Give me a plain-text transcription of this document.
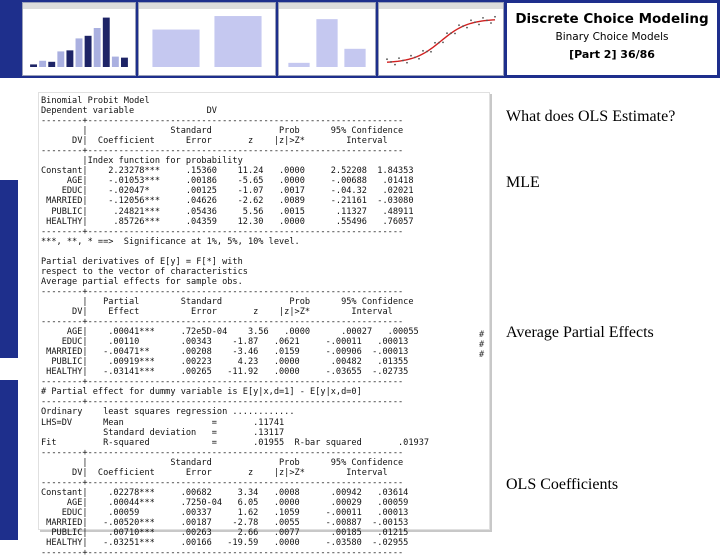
Discrete Choice Modeling
Binary Choice Models
[Part 2] 36/86
Binomial Probit Model
Dependent variable              DV
--------+-------------------------------------------------------------
|                Standard             Prob      95% Confidence
DV|  Coefficient      Error       z    |z|>Z*        Interval
--------+-------------------------------------------------------------
|Index function for probability
Constant|    2.23278***     .15360    11.24   .0000     2.52208  1.84353
AGE|    -.01053***     .00186    -5.65   .0000     -.00688   .01418
EDUC|    -.02047*       .00125    -1.07   .0017     -.04.32   .02021
MARRIED|    -.12056***     .04626    -2.62   .0089     -.21161  -.03080
PUBLIC|     .24821***     .05436     5.56   .0015      .11327   .48911
HEALTHY|     .85726***     .04359    12.30   .0000      .55496   .76057
--------+-------------------------------------------------------------
***, **, * ==>  Significance at 1%, 5%, 10% level.

Partial derivatives of E[y] = F[*] with
respect to the vector of characteristics
Average partial effects for sample obs.
--------+-------------------------------------------------------------
|   Partial        Standard             Prob      95% Confidence
DV|    Effect          Error       z    |z|>Z*        Interval
--------+-------------------------------------------------------------
AGE|    .00041***     .72e5D-04    3.56   .0000      .00027   .00055
EDUC|    .00110        .00343    -1.87   .0621     -.00011   .00013
MARRIED|   -.00471**      .00208    -3.46   .0159     -.00906  -.00013
PUBLIC|    .00919***     .00223     4.23   .0000      .00482   .01355
HEALTHY|   -.03141***     .00265   -11.92   .0000     -.03655  -.02735
--------+-------------------------------------------------------------
# Partial effect for dummy variable is E[y|x,d=1] - E[y|x,d=0]
--------+-------------------------------------------------------------
Ordinary    least squares regression ............
LHS=DV      Mean                 =       .11741
Standard deviation   =       .13117
Fit         R-squared            =       .01955  R-bar squared       .01937
--------+-------------------------------------------------------------
|                Standard             Prob      95% Confidence
DV|  Coefficient      Error       z    |z|>Z*        Interval
--------+-------------------------------------------------------------
Constant|    .02278***     .00682     3.34   .0008      .00942   .03614
AGE|    .00044***     .7250-04   6.05   .0000      .00029   .00059
EDUC|    .00059        .00337     1.62   .1059     -.00011   .00013
MARRIED|   -.00520***     .00187    -2.78   .0055     -.00887  -.00153
PUBLIC|    .00710***     .00263     2.66   .0077      .00185   .01215
HEALTHY|   -.03251***     .00166   -19.59   .0000     -.03580  -.02955
--------+-------------------------------------------------------------
#
#
#
What does OLS Estimate?
MLE
Average Partial Effects
OLS Coefficients
